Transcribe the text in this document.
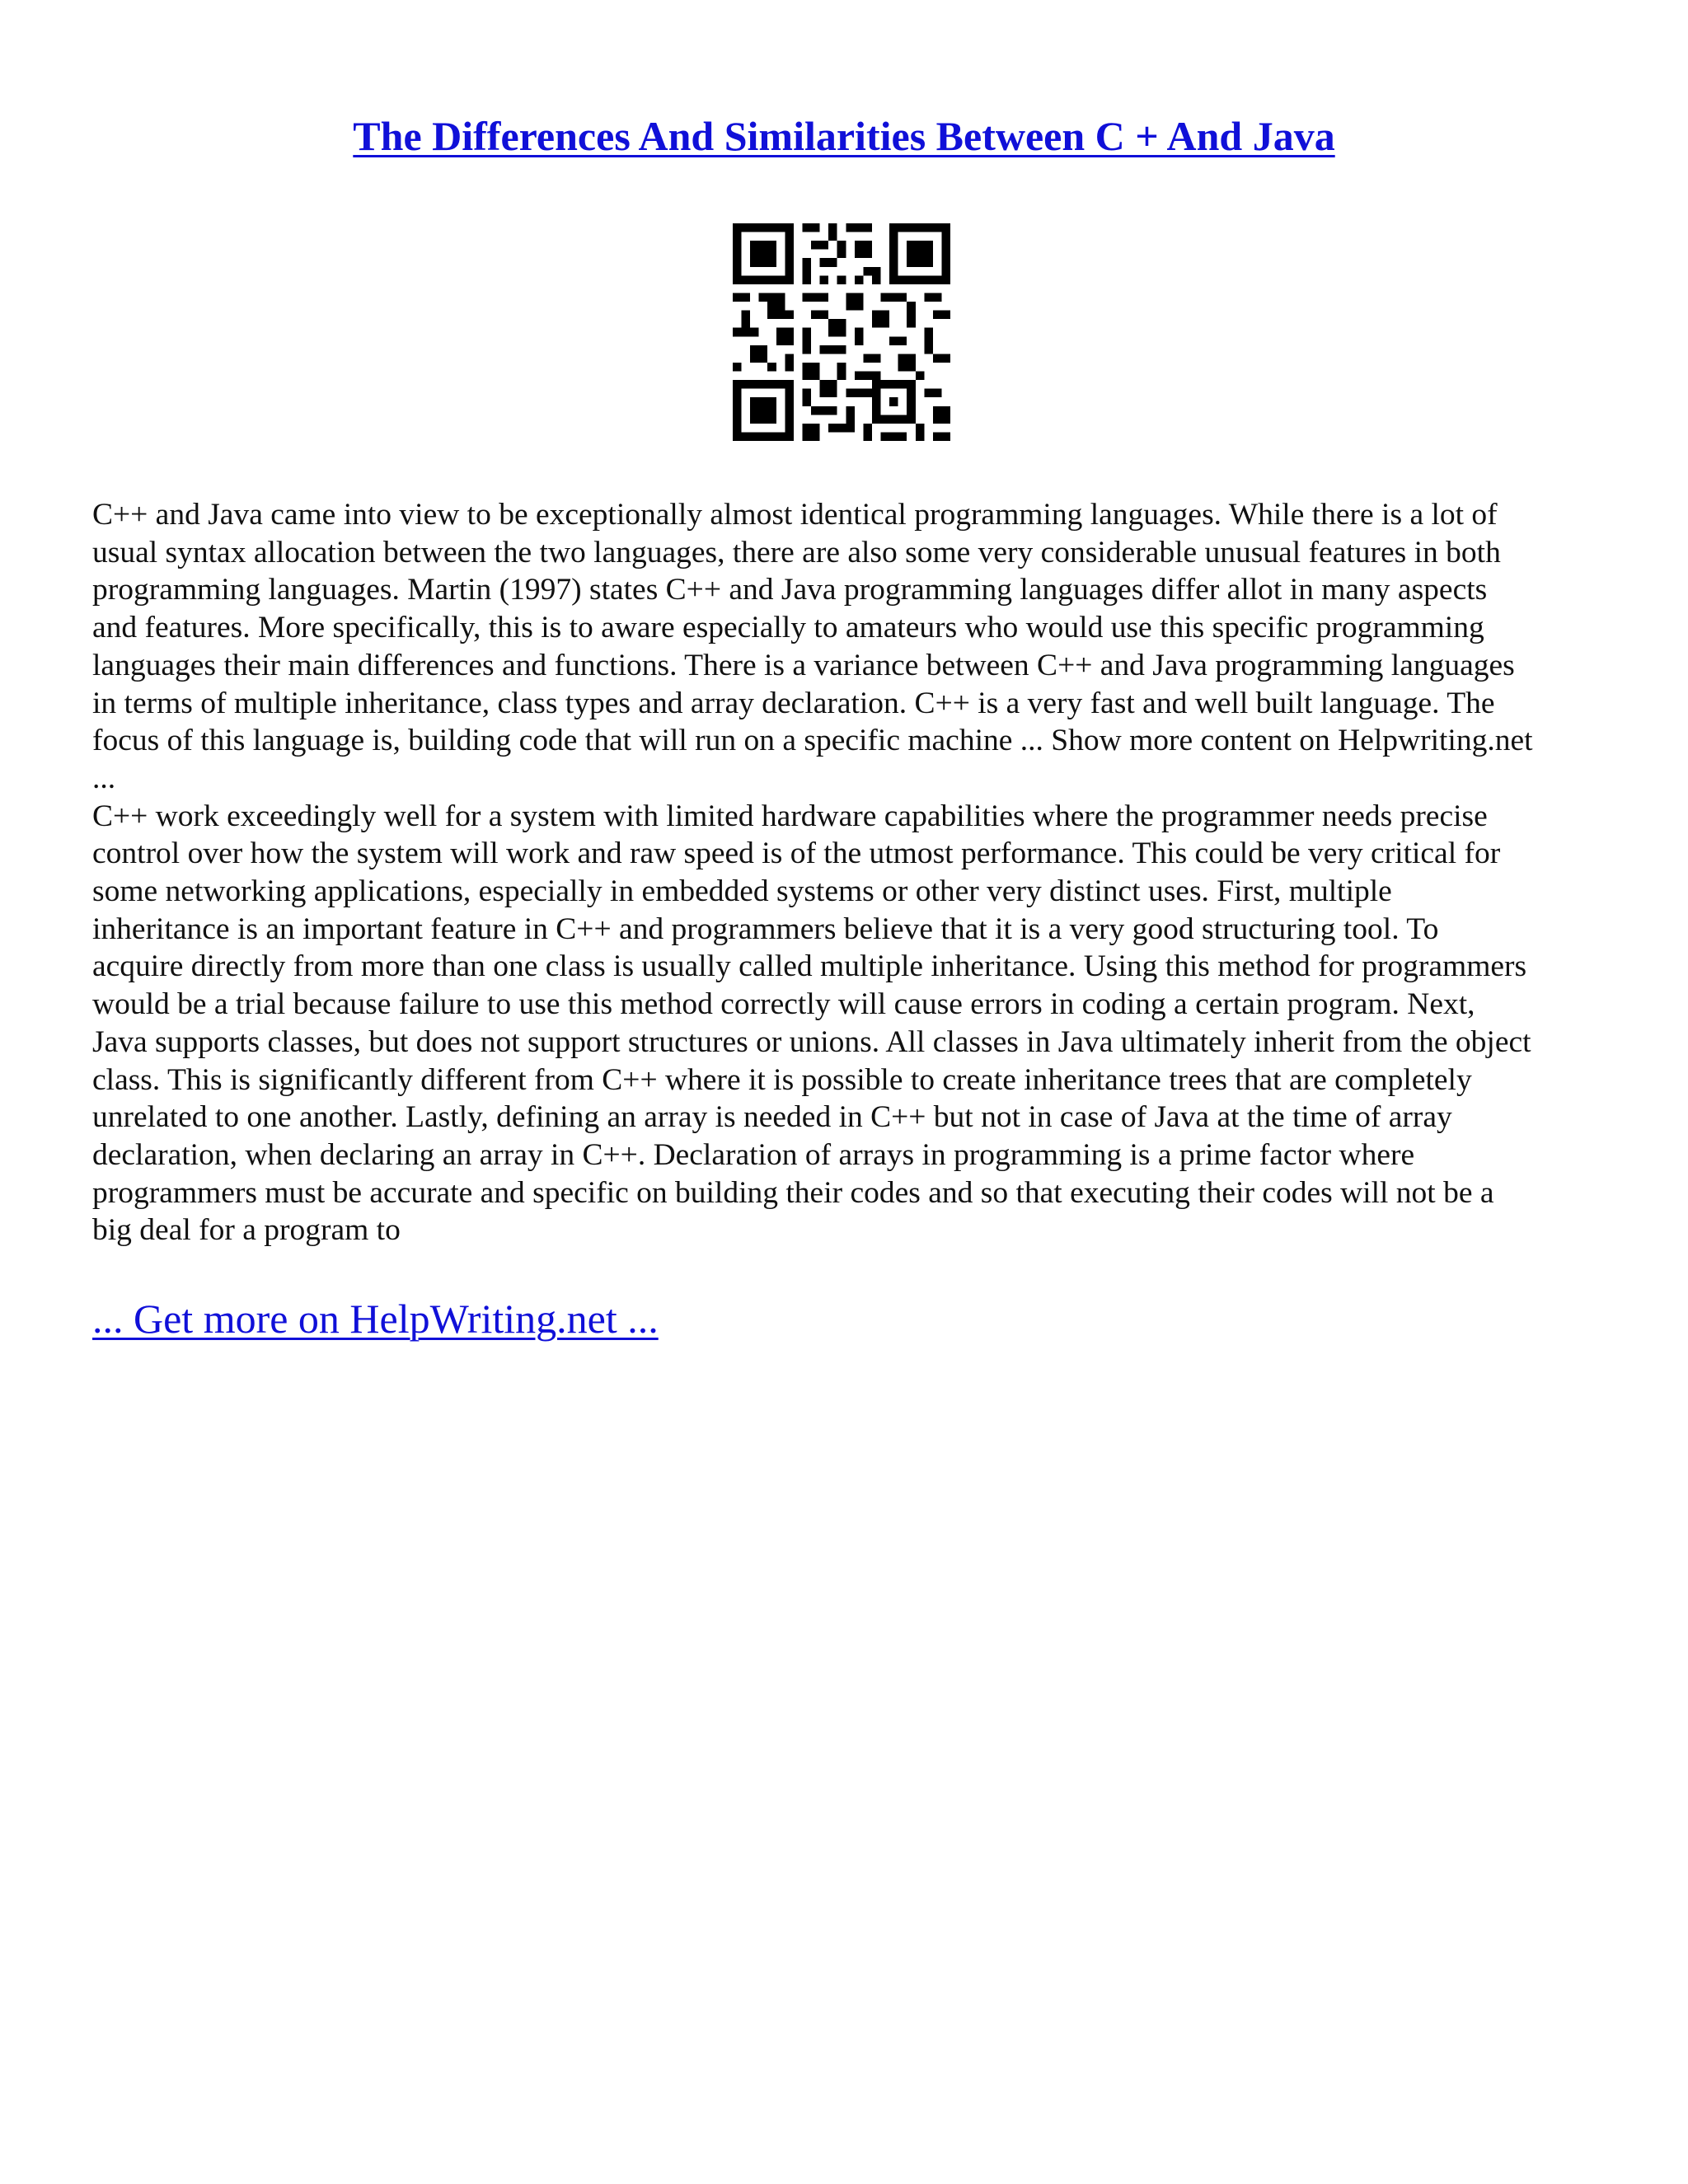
The Differences And Similarities Between C + And Java

C++ and Java came into view to be exceptionally almost identical programming languages. While there is a lot of
usual syntax allocation between the two languages, there are also some very considerable unusual features in both
programming languages. Martin (1997) states C++ and Java programming languages differ allot in many aspects
and features. More specifically, this is to aware especially to amateurs who would use this specific programming
languages their main differences and functions. There is a variance between C++ and Java programming languages
in terms of multiple inheritance, class types and array declaration. C++ is a very fast and well built language. The
focus of this language is, building code that will run on a specific machine ... Show more content on Helpwriting.net
...

C++ work exceedingly well for a system with limited hardware capabilities where the programmer needs precise
control over how the system will work and raw speed is of the utmost performance. This could be very critical for
some networking applications, especially in embedded systems or other very distinct uses. First, multiple
inheritance is an important feature in C++ and programmers believe that it is a very good structuring tool. To
acquire directly from more than one class is usually called multiple inheritance. Using this method for programmers
would be a trial because failure to use this method correctly will cause errors in coding a certain program. Next,
Java supports classes, but does not support structures or unions. All classes in Java ultimately inherit from the object
class. This is significantly different from C++ where it is possible to create inheritance trees that are completely
unrelated to one another. Lastly, defining an array is needed in C++ but not in case of Java at the time of array
declaration, when declaring an array in C++. Declaration of arrays in programming is a prime factor where
programmers must be accurate and specific on building their codes and so that executing their codes will not be a
big deal for a program to

... Get more on HelpWriting.net ...
